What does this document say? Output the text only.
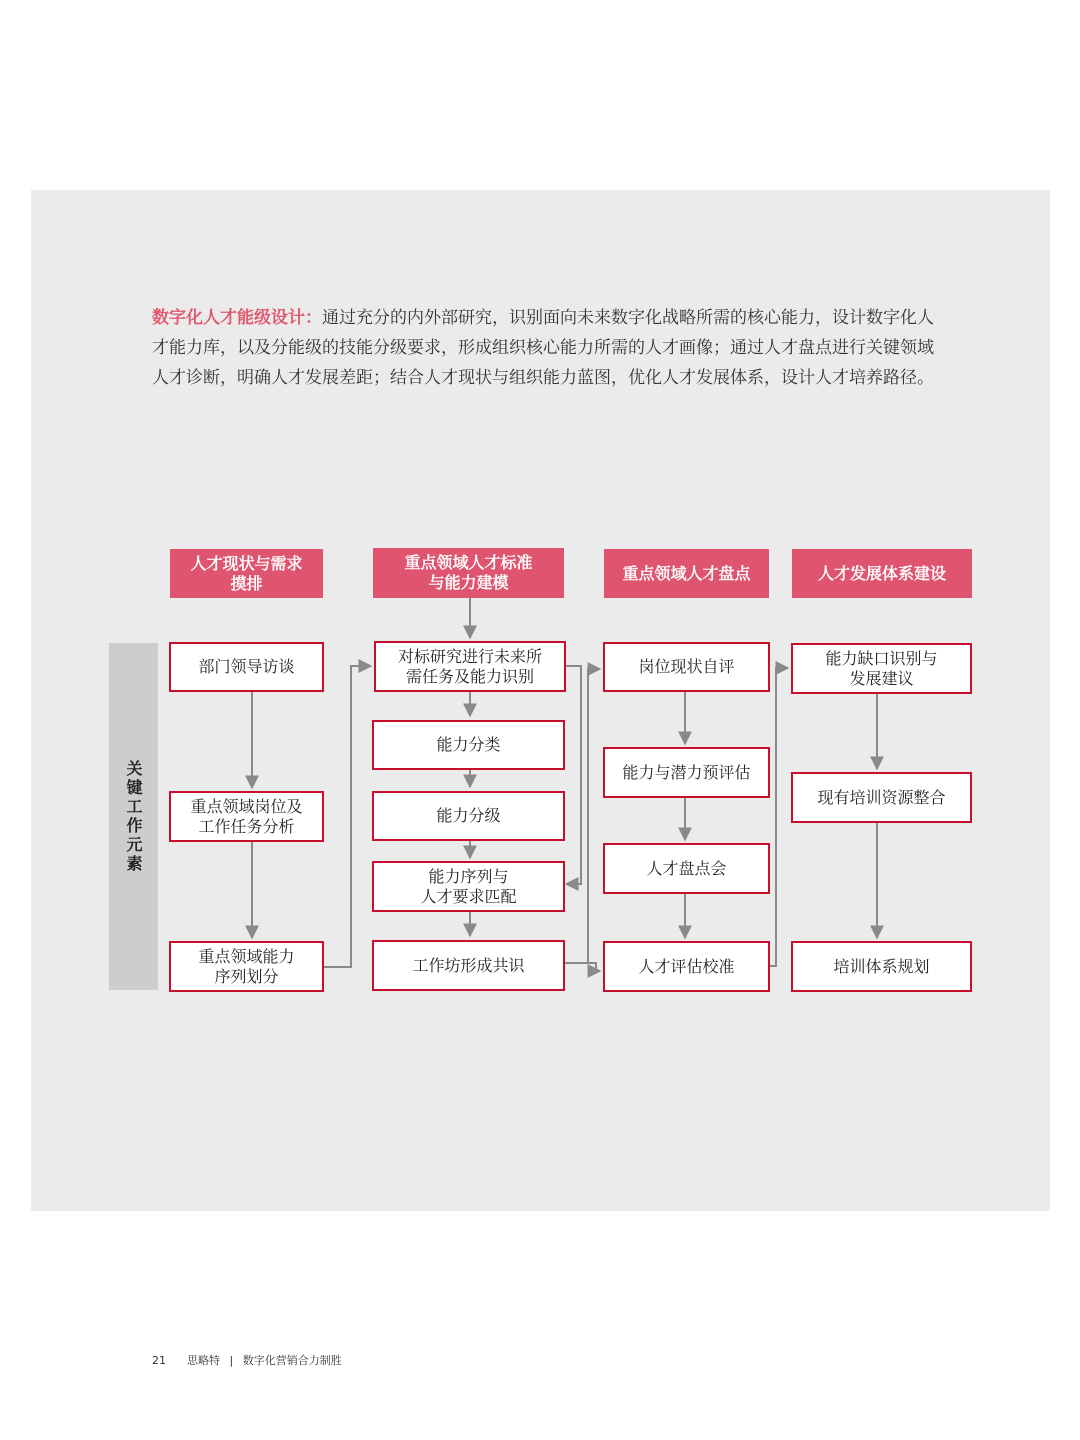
数字化人才能级设计：通过充分的内外部研究，识别面向未来数字化战略所需的核心能力，设计数字化人才能力库，以及分能级的技能分级要求，形成组织核心能力所需的人才画像；通过人才盘点进行关键领域人才诊断，明确人才发展差距；结合人才现状与组织能力蓝图，优化人才发展体系，设计人才培养路径。
关键工作元素
人才现状与需求
摸排
重点领域人才标准
与能力建模	重点领域人才盘点	人才发展体系建设
部门领导访谈
重点领域岗位及
工作任务分析
重点领域能力
序列划分
对标研究进行未来所
需任务及能力识别
能力分类
能力分级
能力序列与
人才要求匹配
工作坊形成共识
岗位现状自评
能力与潜力预评估
人才盘点会
人才评估校准
能力缺口识别与
发展建议
现有培训资源整合
培训体系规划
21 思略特 | 数字化营销合力制胜
